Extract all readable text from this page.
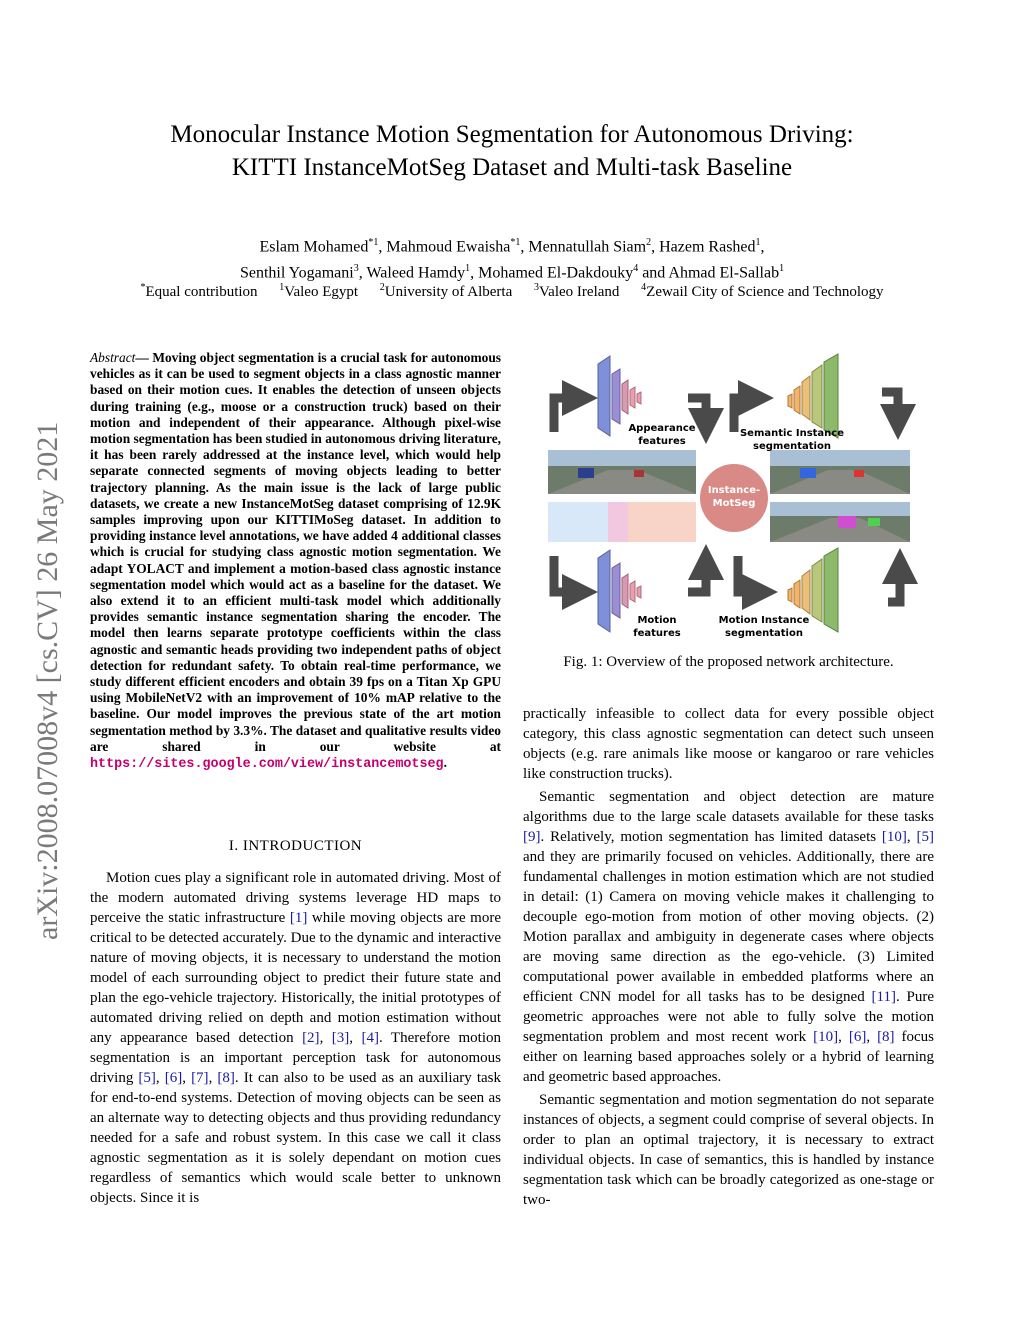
Monocular Instance Motion Segmentation for Autonomous Driving:
KITTI InstanceMotSeg Dataset and Multi-task Baseline
Eslam Mohamed$^{*1}$, Mahmoud Ewaisha$^{*1}$, Mennatullah Siam$^2$, Hazem Rashed$^1$,
Senthil Yogamani$^3$, Waleed Hamdy$^1$, Mohamed El-Dakdouky$^4$ and Ahmad El-Sallab$^1$
*Equal contribution $^1$Valeo Egypt $^2$University of Alberta $^3$Valeo Ireland $^4$Zewail City of Science and Technology
arXiv:2008.07008v4 [cs.CV] 26 May 2021
Abstract— Moving object segmentation is a crucial task for autonomous vehicles as it can be used to segment objects in a class agnostic manner based on their motion cues. It enables the detection of unseen objects during training (e.g., moose or a construction truck) based on their motion and independent of their appearance. Although pixel-wise motion segmentation has been studied in autonomous driving literature, it has been rarely addressed at the instance level, which would help separate connected segments of moving objects leading to better trajectory planning. As the main issue is the lack of large public datasets, we create a new InstanceMotSeg dataset comprising of 12.9K samples improving upon our KITTIMoSeg dataset. In addition to providing instance level annotations, we have added 4 additional classes which is crucial for studying class agnostic motion segmentation. We adapt YOLACT and implement a motion-based class agnostic instance segmentation model which would act as a baseline for the dataset. We also extend it to an efficient multi-task model which additionally provides semantic instance segmentation sharing the encoder. The model then learns separate prototype coefficients within the class agnostic and semantic heads providing two independent paths of object detection for redundant safety. To obtain real-time performance, we study different efficient encoders and obtain 39 fps on a Titan Xp GPU using MobileNetV2 with an improvement of 10% mAP relative to the baseline. Our model improves the previous state of the art motion segmentation method by 3.3%. The dataset and qualitative results video are shared in our website at https://sites.google.com/view/instancemotseg.
I. INTRODUCTION

Motion cues play a significant role in automated driving. Most of the modern automated driving systems leverage HD maps to perceive the static infrastructure [1] while moving objects are more critical to be detected accurately. Due to the dynamic and interactive nature of moving objects, it is necessary to understand the motion model of each surrounding object to predict their future state and plan the ego-vehicle trajectory. Historically, the initial prototypes of automated driving relied on depth and motion estimation without any appearance based detection [2], [3], [4]. Therefore motion segmentation is an important perception task for autonomous driving [5], [6], [7], [8]. It can also to be used as an auxiliary task for end-to-end systems. Detection of moving objects can be seen as an alternate way to detecting objects and thus providing redundancy needed for a safe and robust system. In this case we call it class agnostic segmentation as it is solely dependant on motion cues regardless of semantics which would scale better to unknown objects. Since it is

Appearance features
Semantic Instance segmentation
Instance-MotSeg
Motion features
Motion Instance segmentation
Fig. 1: Overview of the proposed network architecture.

practically infeasible to collect data for every possible object category, this class agnostic segmentation can detect such unseen objects (e.g. rare animals like moose or kangaroo or rare vehicles like construction trucks).

Semantic segmentation and object detection are mature algorithms due to the large scale datasets available for these tasks [9]. Relatively, motion segmentation has limited datasets [10], [5] and they are primarily focused on vehicles. Additionally, there are fundamental challenges in motion estimation which are not studied in detail: (1) Camera on moving vehicle makes it challenging to decouple ego-motion from motion of other moving objects. (2) Motion parallax and ambiguity in degenerate cases where objects are moving same direction as the ego-vehicle. (3) Limited computational power available in embedded platforms where an efficient CNN model for all tasks has to be designed [11]. Pure geometric approaches were not able to fully solve the motion segmentation problem and most recent work [10], [6], [8] focus either on learning based approaches solely or a hybrid of learning and geometric based approaches.

Semantic segmentation and motion segmentation do not separate instances of objects, a segment could comprise of several objects. In order to plan an optimal trajectory, it is necessary to extract individual objects. In case of semantics, this is handled by instance segmentation task which can be broadly categorized as one-stage or two-
